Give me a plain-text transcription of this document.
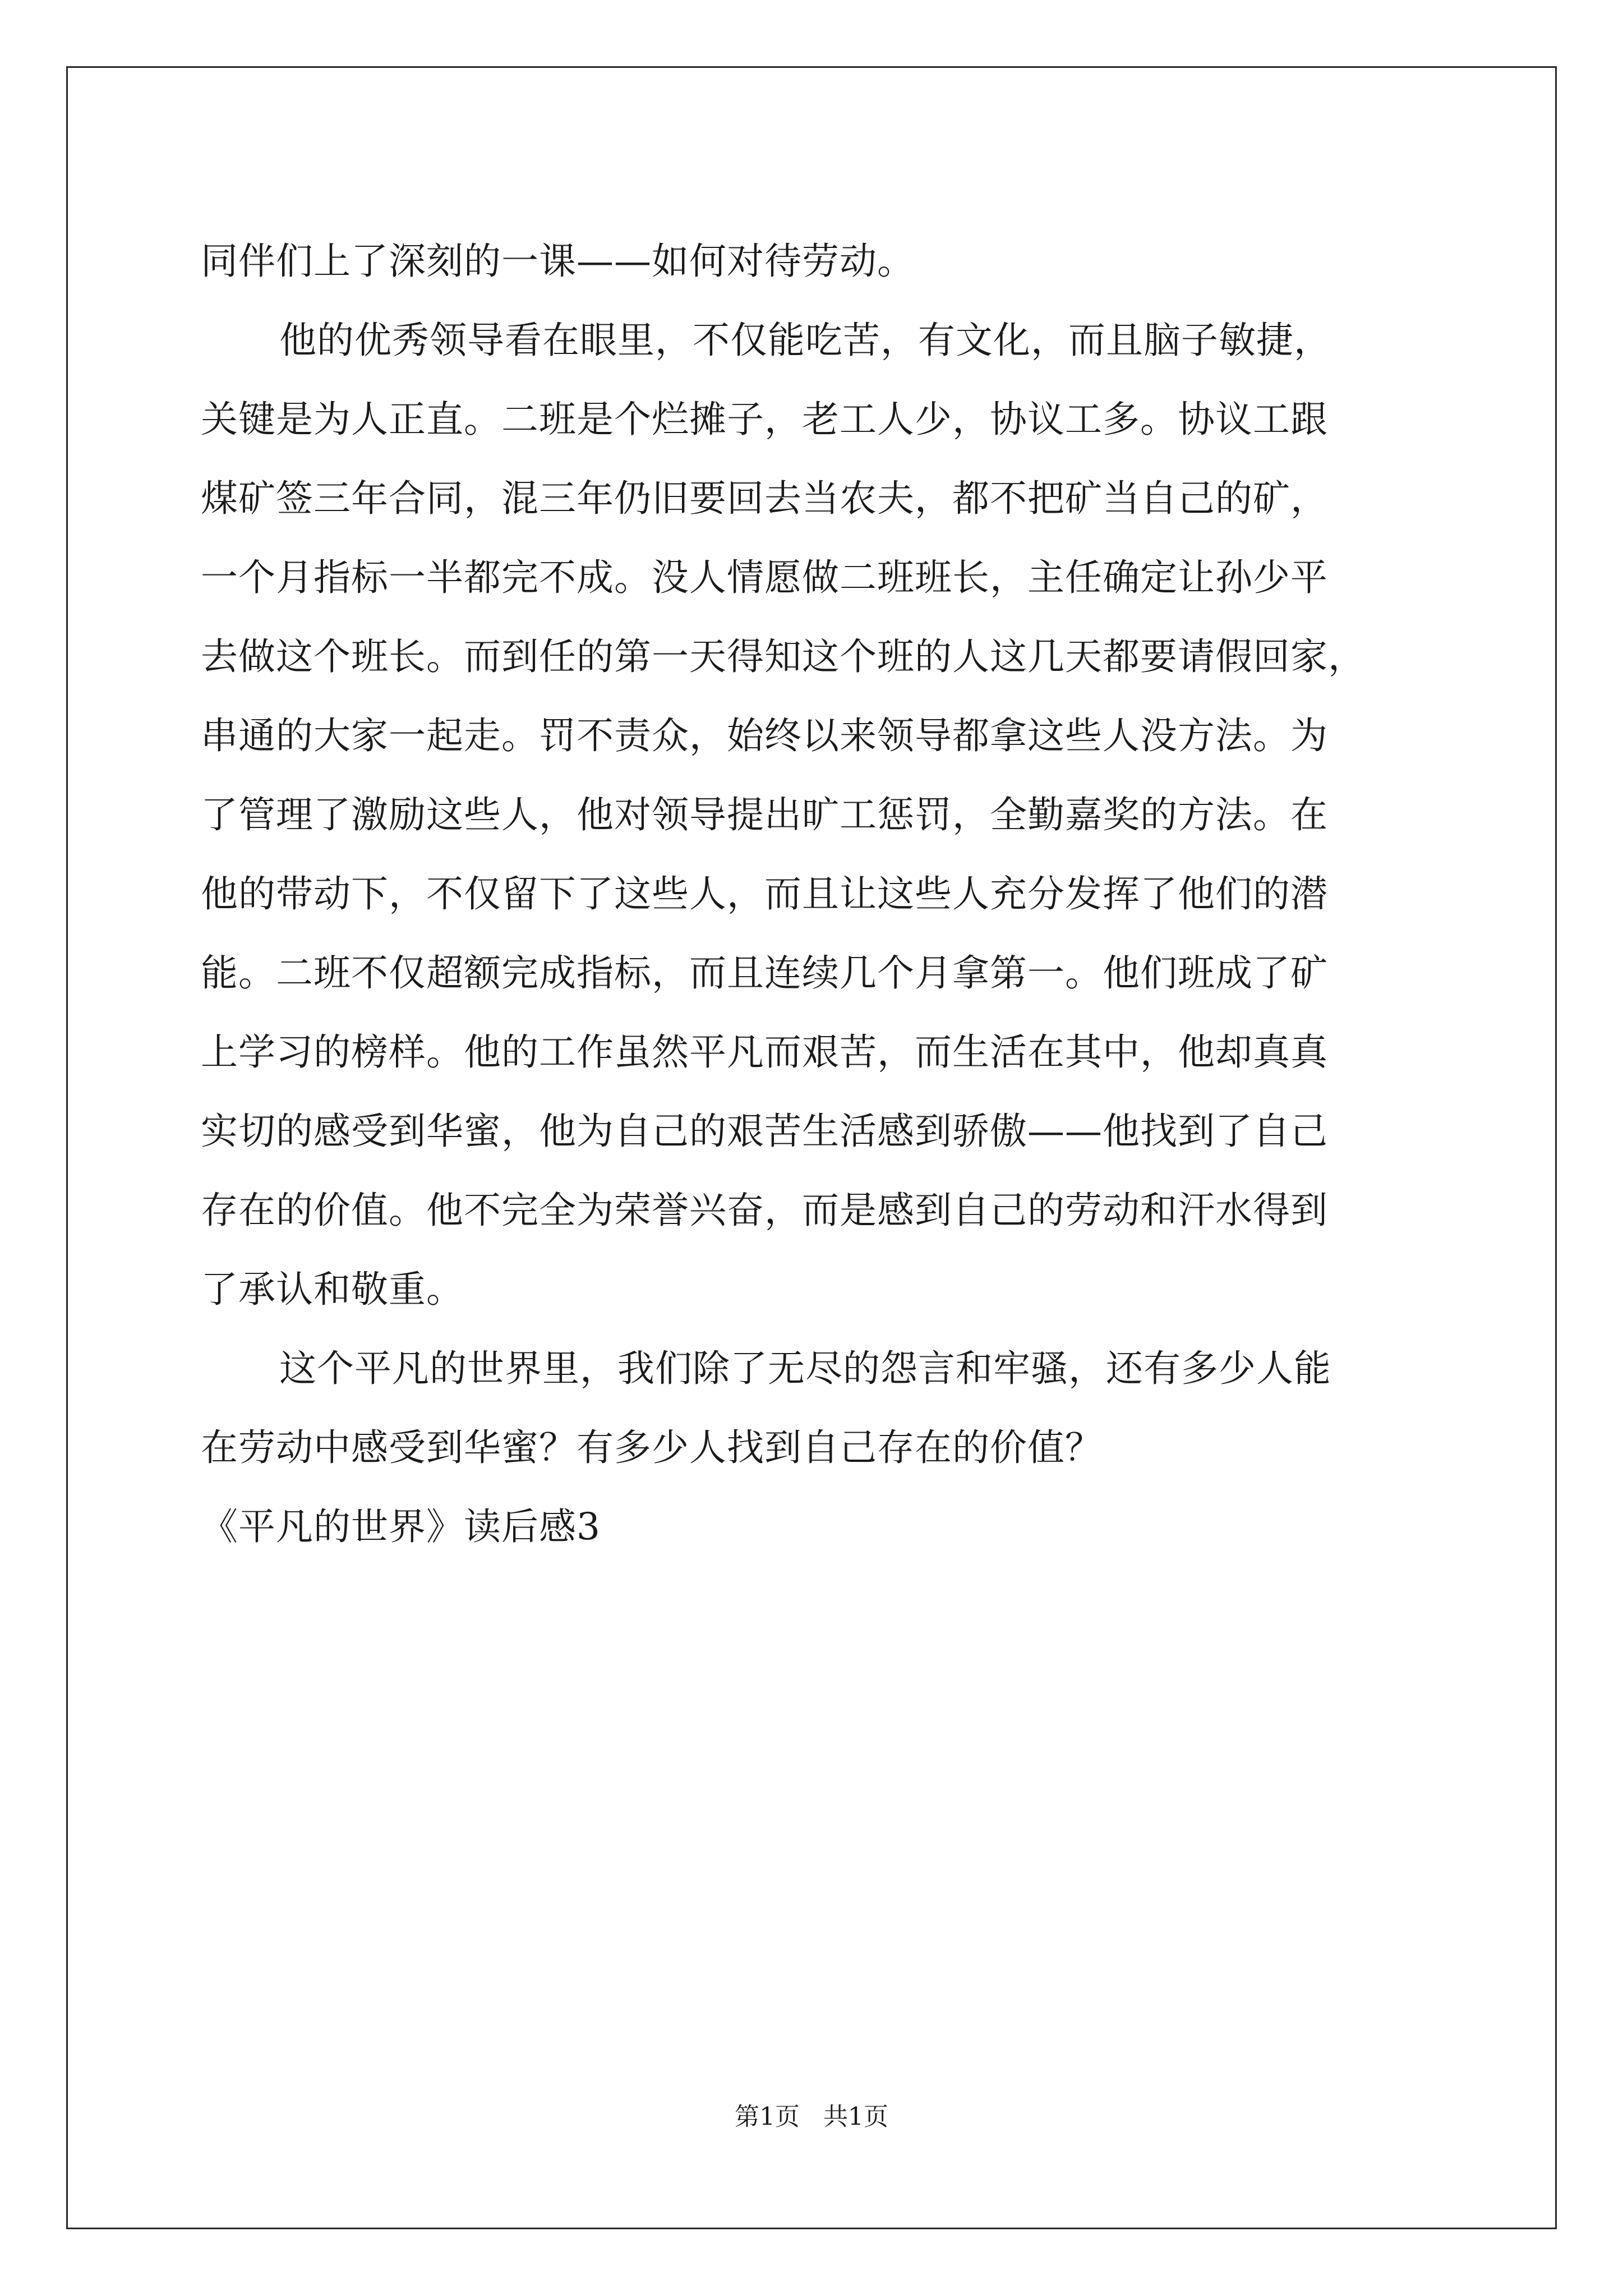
同伴们上了深刻的一课——如何对待劳动。
他的优秀领导看在眼里，不仅能吃苦，有文化，而且脑子敏捷，
关键是为人正直。二班是个烂摊子，老工人少，协议工多。协议工跟
煤矿签三年合同，混三年仍旧要回去当农夫，都不把矿当自己的矿，
一个月指标一半都完不成。没人情愿做二班班长，主任确定让孙少平
去做这个班长。而到任的第一天得知这个班的人这几天都要请假回家，
串通的大家一起走。罚不责众，始终以来领导都拿这些人没方法。为
了管理了激励这些人，他对领导提出旷工惩罚，全勤嘉奖的方法。在
他的带动下，不仅留下了这些人，而且让这些人充分发挥了他们的潜
能。二班不仅超额完成指标，而且连续几个月拿第一。他们班成了矿
上学习的榜样。他的工作虽然平凡而艰苦，而生活在其中，他却真真
实切的感受到华蜜，他为自己的艰苦生活感到骄傲——他找到了自己
存在的价值。他不完全为荣誉兴奋，而是感到自己的劳动和汗水得到
了承认和敬重。
这个平凡的世界里，我们除了无尽的怨言和牢骚，还有多少人能
在劳动中感受到华蜜？有多少人找到自己存在的价值？
《平凡的世界》读后感3
第1页   共1页
